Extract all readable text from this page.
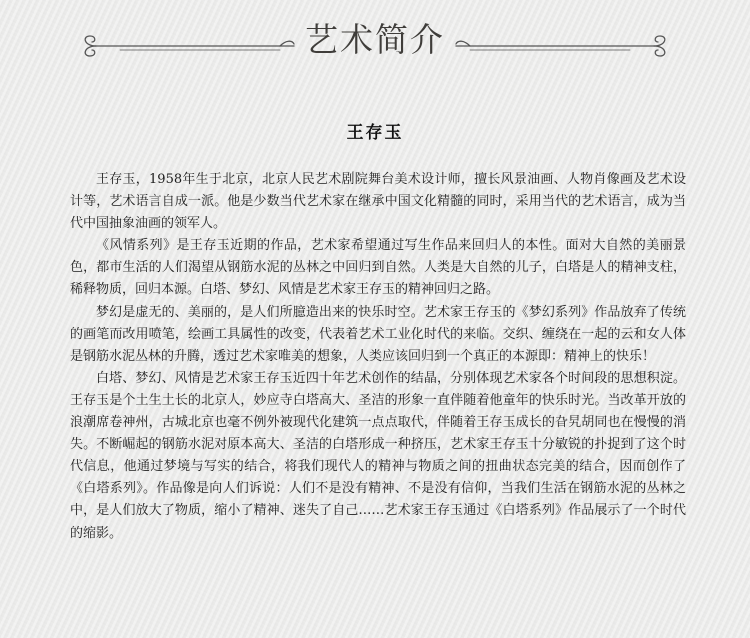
艺术简介
王存玉

王存玉，1958年生于北京，北京人民艺术剧院舞台美术设计师，擅长风景油画、人物肖像画及艺术设计等，艺术语言自成一派。他是少数当代艺术家在继承中国文化精髓的同时，采用当代的艺术语言，成为当代中国抽象油画的领军人。

《风情系列》是王存玉近期的作品，艺术家希望通过写生作品来回归人的本性。面对大自然的美丽景色，都市生活的人们渴望从钢筋水泥的丛林之中回归到自然。人类是大自然的儿子，白塔是人的精神支柱，稀释物质，回归本源。白塔、梦幻、风情是艺术家王存玉的精神回归之路。

梦幻是虚无的、美丽的，是人们所臆造出来的快乐时空。艺术家王存玉的《梦幻系列》作品放弃了传统的画笔而改用喷笔，绘画工具属性的改变，代表着艺术工业化时代的来临。交织、缠绕在一起的云和女人体是钢筋水泥丛林的升腾，透过艺术家唯美的想象，人类应该回归到一个真正的本源即：精神上的快乐！

白塔、梦幻、风情是艺术家王存玉近四十年艺术创作的结晶，分别体现艺术家各个时间段的思想积淀。王存玉是个土生土长的北京人，妙应寺白塔高大、圣洁的形象一直伴随着他童年的快乐时光。当改革开放的浪潮席卷神州，古城北京也毫不例外被现代化建筑一点点取代，伴随着王存玉成长的旮旯胡同也在慢慢的消失。不断崛起的钢筋水泥对原本高大、圣洁的白塔形成一种挤压，艺术家王存玉十分敏锐的扑捉到了这个时代信息，他通过梦境与写实的结合，将我们现代人的精神与物质之间的扭曲状态完美的结合，因而创作了《白塔系列》。作品像是向人们诉说：人们不是没有精神、不是没有信仰，当我们生活在钢筋水泥的丛林之中，是人们放大了物质，缩小了精神、迷失了自己……艺术家王存玉通过《白塔系列》作品展示了一个时代的缩影。
